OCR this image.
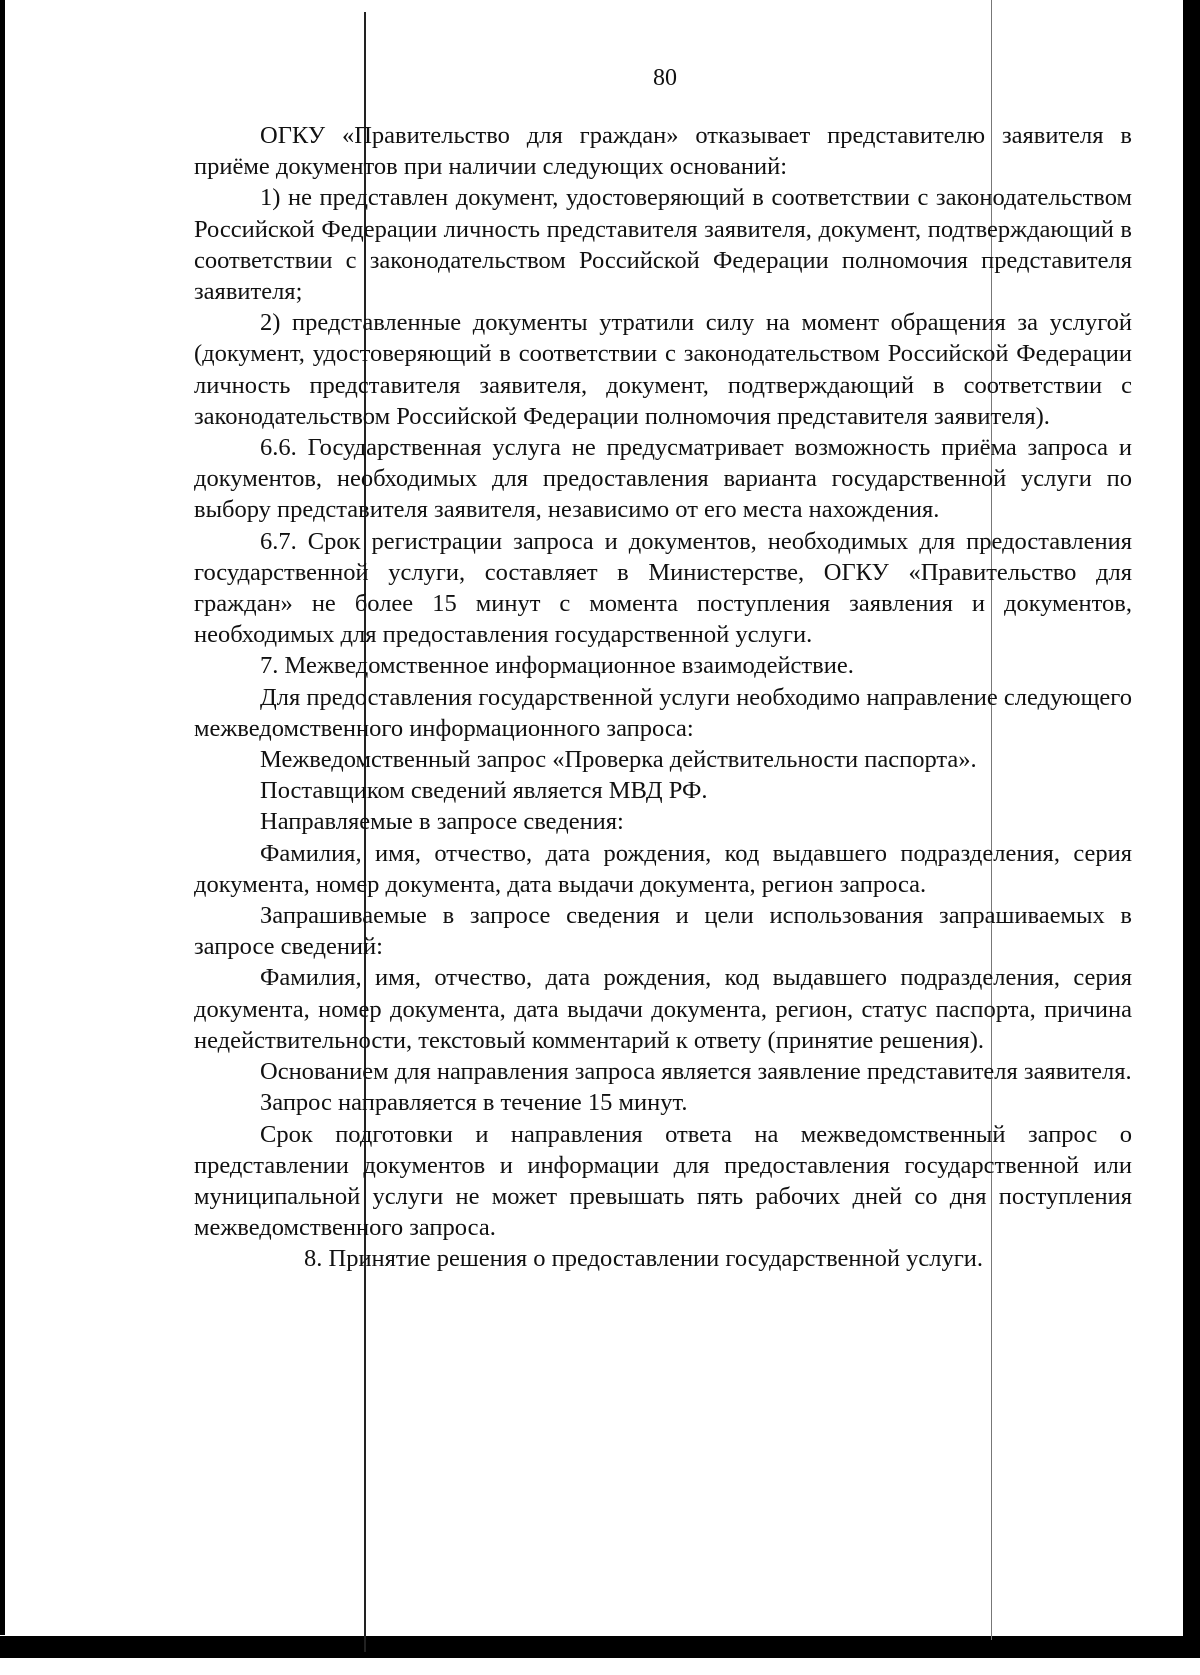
80

ОГКУ «Правительство для граждан» отказывает представителю заявителя в приёме документов при наличии следующих оснований:

1) не представлен документ, удостоверяющий в соответствии с законодательством Российской Федерации личность представителя заявителя, документ, подтверждающий в соответствии с законодательством Российской Федерации полномочия представителя заявителя;

2) представленные документы утратили силу на момент обращения за услугой (документ, удостоверяющий в соответствии с законодательством Российской Федерации личность представителя заявителя, документ, подтверждающий в соответствии с законодательством Российской Федерации полномочия представителя заявителя).

6.6. Государственная услуга не предусматривает возможность приёма запроса и документов, необходимых для предоставления варианта государственной услуги по выбору представителя заявителя, независимо от его места нахождения.

6.7. Срок регистрации запроса и документов, необходимых для предоставления государственной услуги, составляет в Министерстве, ОГКУ «Правительство для граждан» не более 15 минут с момента поступления заявления и документов, необходимых для предоставления государственной услуги.

7. Межведомственное информационное взаимодействие.

Для предоставления государственной услуги необходимо направление следующего межведомственного информационного запроса:

Межведомственный запрос «Проверка действительности паспорта».

Поставщиком сведений является МВД РФ.

Направляемые в запросе сведения:

Фамилия, имя, отчество, дата рождения, код выдавшего подразделения, серия документа, номер документа, дата выдачи документа, регион запроса.

Запрашиваемые в запросе сведения и цели использования запрашиваемых в запросе сведений:

Фамилия, имя, отчество, дата рождения, код выдавшего подразделения, серия документа, номер документа, дата выдачи документа, регион, статус паспорта, причина недействительности, текстовый комментарий к ответу (принятие решения).

Основанием для направления запроса является заявление представителя заявителя.

Запрос направляется в течение 15 минут.

Срок подготовки и направления ответа на межведомственный запрос о представлении документов и информации для предоставления государственной или муниципальной услуги не может превышать пять рабочих дней со дня поступления межведомственного запроса.

8. Принятие решения о предоставлении государственной услуги.
